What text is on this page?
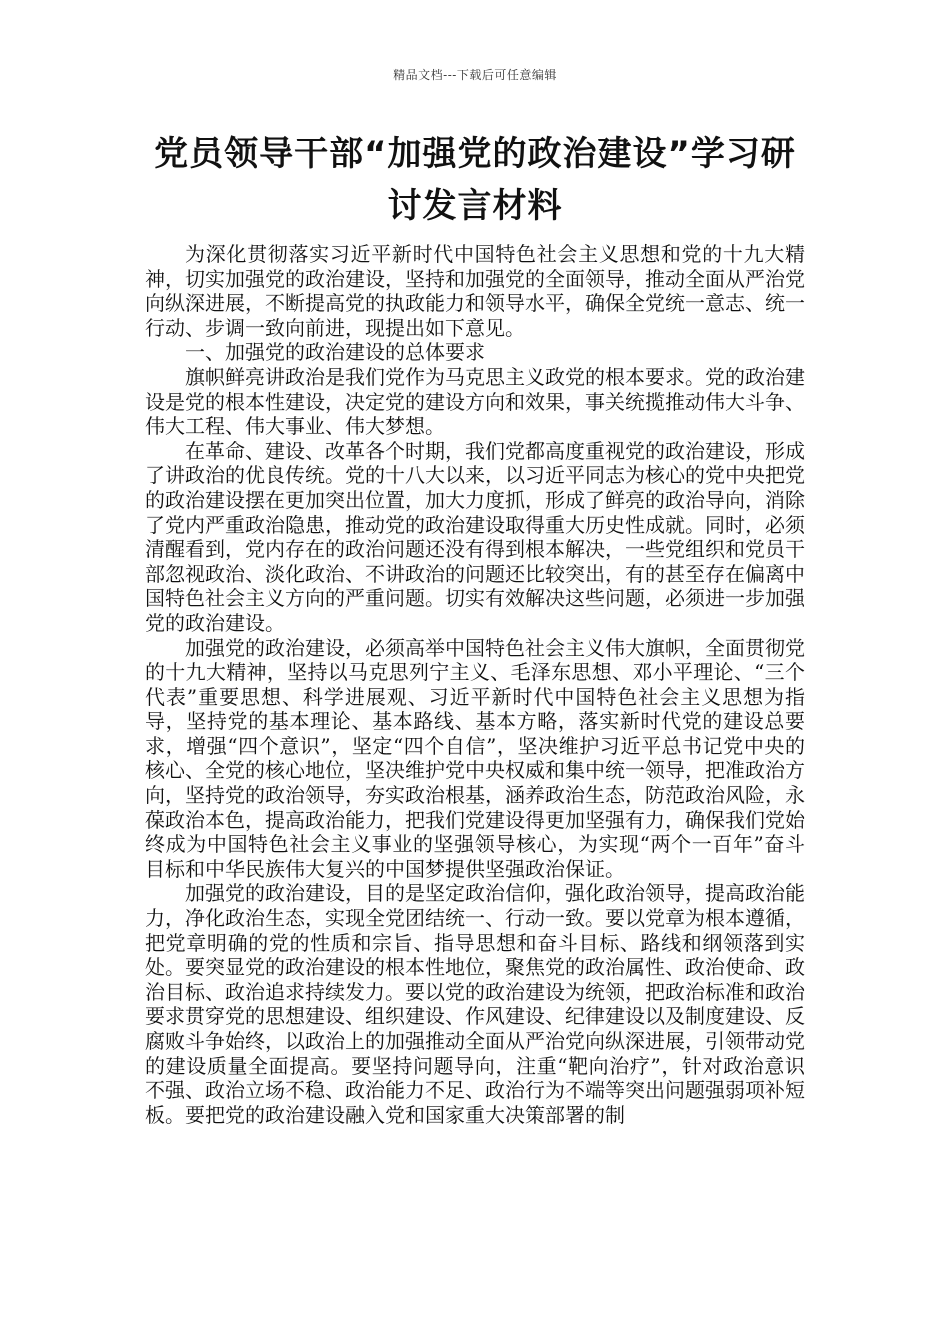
精品文档---下载后可任意编辑
党员领导干部“加强党的政治建设”学习研讨发言材料

为深化贯彻落实习近平新时代中国特色社会主义思想和党的十九大精神，切实加强党的政治建设，坚持和加强党的全面领导，推动全面从严治党向纵深进展，不断提高党的执政能力和领导水平，确保全党统一意志、统一行动、步调一致向前进，现提出如下意见。

一、加强党的政治建设的总体要求

旗帜鲜亮讲政治是我们党作为马克思主义政党的根本要求。党的政治建设是党的根本性建设，决定党的建设方向和效果，事关统揽推动伟大斗争、伟大工程、伟大事业、伟大梦想。

在革命、建设、改革各个时期，我们党都高度重视党的政治建设，形成了讲政治的优良传统。党的十八大以来，以习近平同志为核心的党中央把党的政治建设摆在更加突出位置，加大力度抓，形成了鲜亮的政治导向，消除了党内严重政治隐患，推动党的政治建设取得重大历史性成就。同时，必须清醒看到，党内存在的政治问题还没有得到根本解决，一些党组织和党员干部忽视政治、淡化政治、不讲政治的问题还比较突出，有的甚至存在偏离中国特色社会主义方向的严重问题。切实有效解决这些问题，必须进一步加强党的政治建设。

加强党的政治建设，必须高举中国特色社会主义伟大旗帜，全面贯彻党的十九大精神，坚持以马克思列宁主义、毛泽东思想、邓小平理论、“三个代表”重要思想、科学进展观、习近平新时代中国特色社会主义思想为指导，坚持党的基本理论、基本路线、基本方略，落实新时代党的建设总要求，增强“四个意识”，坚定“四个自信”，坚决维护习近平总书记党中央的核心、全党的核心地位，坚决维护党中央权威和集中统一领导，把准政治方向，坚持党的政治领导，夯实政治根基，涵养政治生态，防范政治风险，永葆政治本色，提高政治能力，把我们党建设得更加坚强有力，确保我们党始终成为中国特色社会主义事业的坚强领导核心，为实现“两个一百年”奋斗目标和中华民族伟大复兴的中国梦提供坚强政治保证。

加强党的政治建设，目的是坚定政治信仰，强化政治领导，提高政治能力，净化政治生态，实现全党团结统一、行动一致。要以党章为根本遵循，把党章明确的党的性质和宗旨、指导思想和奋斗目标、路线和纲领落到实处。要突显党的政治建设的根本性地位，聚焦党的政治属性、政治使命、政治目标、政治追求持续发力。要以党的政治建设为统领，把政治标准和政治要求贯穿党的思想建设、组织建设、作风建设、纪律建设以及制度建设、反腐败斗争始终，以政治上的加强推动全面从严治党向纵深进展，引领带动党的建设质量全面提高。要坚持问题导向，注重“靶向治疗”，针对政治意识不强、政治立场不稳、政治能力不足、政治行为不端等突出问题强弱项补短板。要把党的政治建设融入党和国家重大决策部署的制
